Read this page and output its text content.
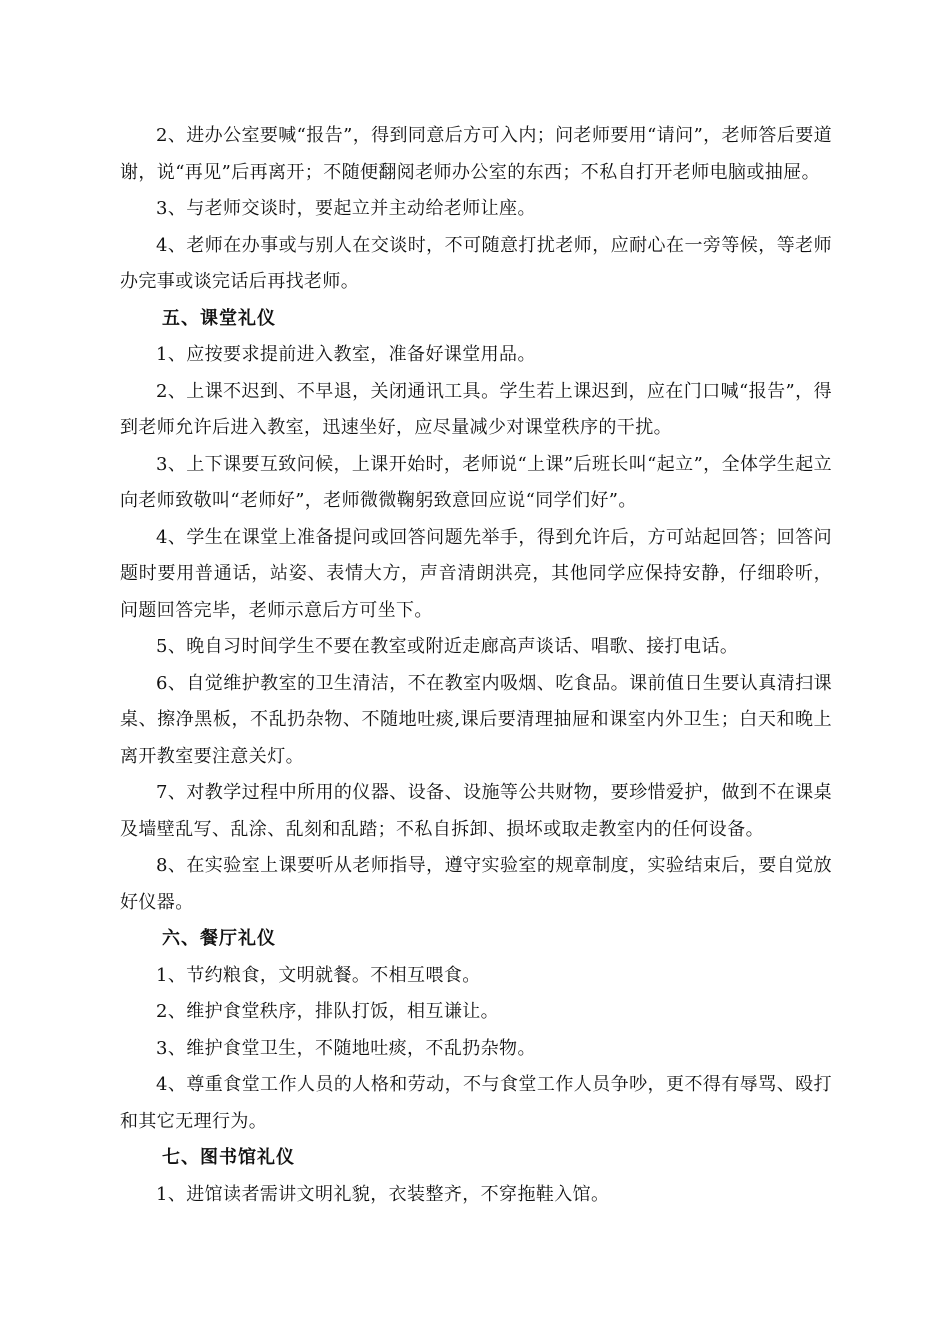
2、进办公室要喊“报告”，得到同意后方可入内；问老师要用“请问”，老师答后要道谢，说“再见”后再离开；不随便翻阅老师办公室的东西；不私自打开老师电脑或抽屉。

3、与老师交谈时，要起立并主动给老师让座。

4、老师在办事或与别人在交谈时，不可随意打扰老师，应耐心在一旁等候，等老师办完事或谈完话后再找老师。

五、课堂礼仪

1、应按要求提前进入教室，准备好课堂用品。

2、上课不迟到、不早退，关闭通讯工具。学生若上课迟到，应在门口喊“报告”，得到老师允许后进入教室，迅速坐好，应尽量减少对课堂秩序的干扰。

3、上下课要互致问候，上课开始时，老师说“上课”后班长叫“起立”，全体学生起立向老师致敬叫“老师好”，老师微微鞠躬致意回应说“同学们好”。

4、学生在课堂上准备提问或回答问题先举手，得到允许后，方可站起回答；回答问题时要用普通话，站姿、表情大方，声音清朗洪亮，其他同学应保持安静，仔细聆听，问题回答完毕，老师示意后方可坐下。

5、晚自习时间学生不要在教室或附近走廊高声谈话、唱歌、接打电话。

6、自觉维护教室的卫生清洁，不在教室内吸烟、吃食品。课前值日生要认真清扫课桌、擦净黑板，不乱扔杂物、不随地吐痰,课后要清理抽屉和课室内外卫生；白天和晚上离开教室要注意关灯。

7、对教学过程中所用的仪器、设备、设施等公共财物，要珍惜爱护，做到不在课桌及墙壁乱写、乱涂、乱刻和乱踏；不私自拆卸、损坏或取走教室内的任何设备。

8、在实验室上课要听从老师指导，遵守实验室的规章制度，实验结束后，要自觉放好仪器。

六、餐厅礼仪

1、节约粮食，文明就餐。不相互喂食。

2、维护食堂秩序，排队打饭，相互谦让。

3、维护食堂卫生，不随地吐痰，不乱扔杂物。

4、尊重食堂工作人员的人格和劳动，不与食堂工作人员争吵，更不得有辱骂、殴打和其它无理行为。

七、图书馆礼仪

1、进馆读者需讲文明礼貌，衣装整齐，不穿拖鞋入馆。
